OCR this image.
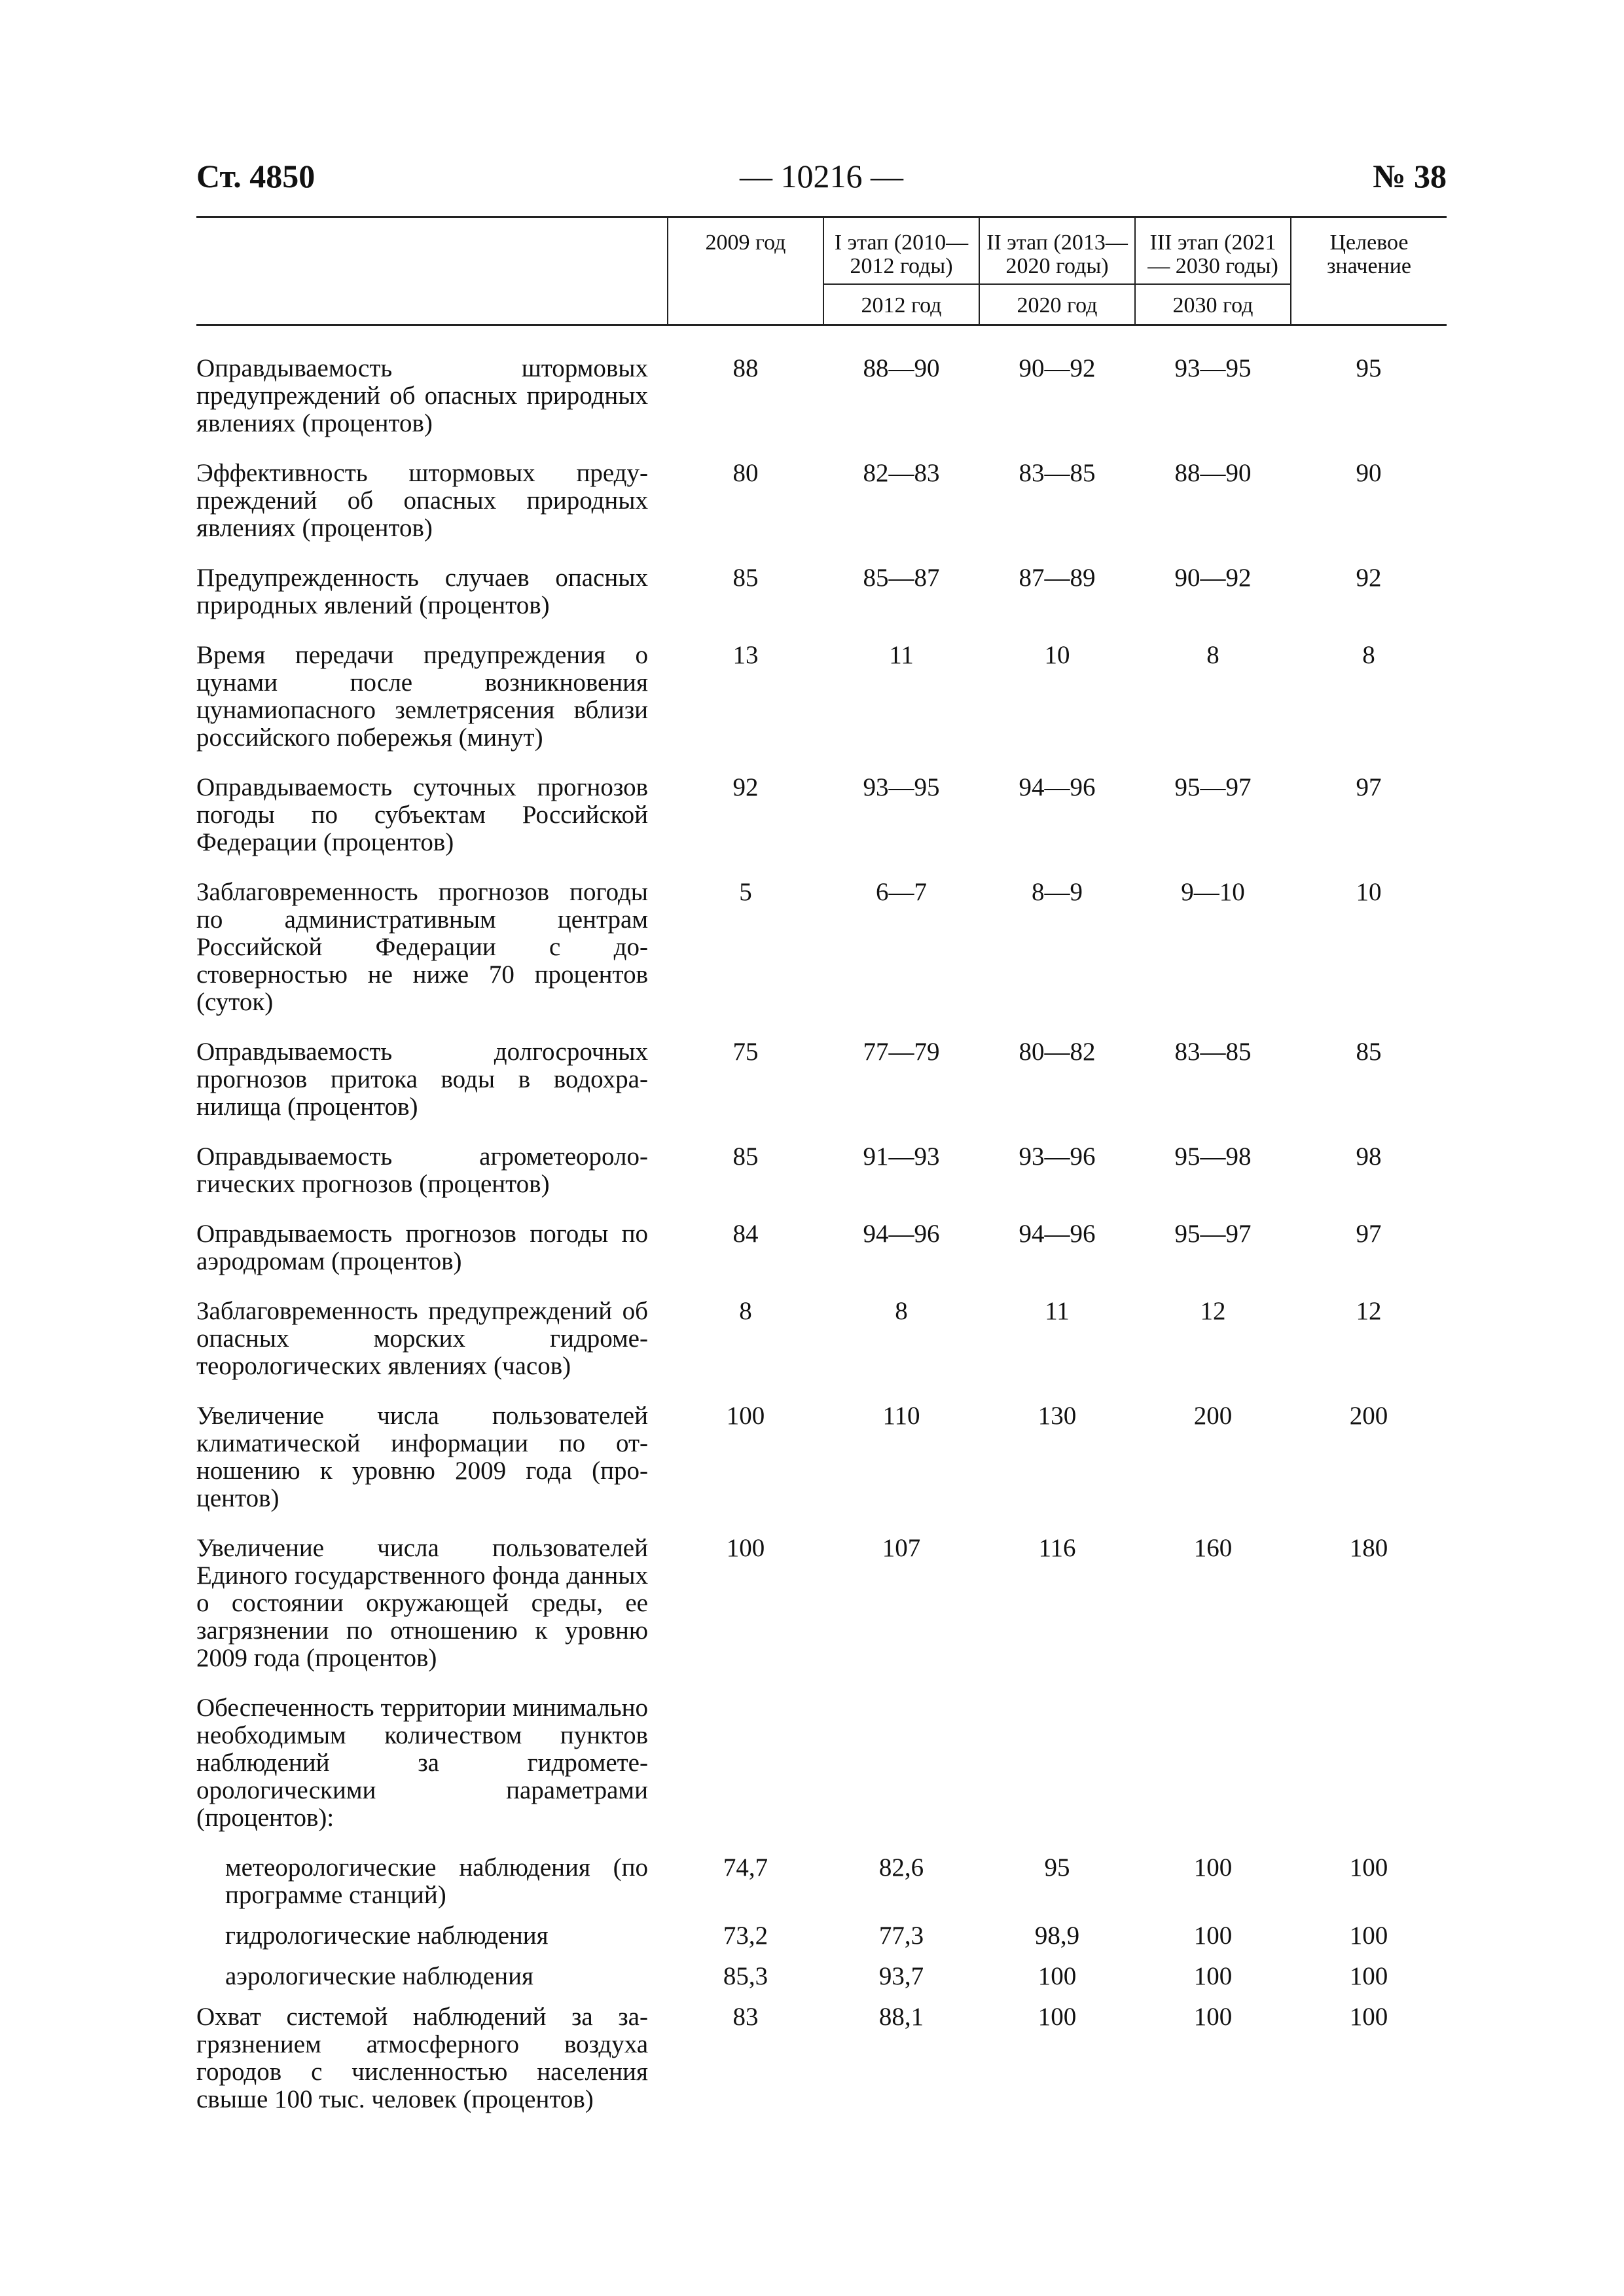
Ст. 4850	— 10216 —	№ 38
	2009 год	I этап (2010— 2012 годы)	II этап (2013— 2020 годы)	III этап (2021— 2030 годы)	Целевое значение
		2012 год	2020 год	2030 год	
Оправдываемость штормовых предупреждений об опасных природных явлениях (процентов)	88	88—90	90—92	93—95	95
Эффективность штормовых предупреждений об опасных природных явлениях (процентов)	80	82—83	83—85	88—90	90
Предупрежденность случаев опасных природных явлений (процентов)	85	85—87	87—89	90—92	92
Время передачи предупреждения о цунами после возникновения цунамиопасного землетрясения вблизи российского побережья (минут)	13	11	10	8	8
Оправдываемость суточных прогнозов погоды по субъектам Российской Федерации (процентов)	92	93—95	94—96	95—97	97
Заблаговременность прогнозов погоды по административным центрам Российской Федерации с достоверностью не ниже 70 процентов (суток)	5	6—7	8—9	9—10	10
Оправдываемость долгосрочных прогнозов притока воды в водохранилища (процентов)	75	77—79	80—82	83—85	85
Оправдываемость агрометеорологических прогнозов (процентов)	85	91—93	93—96	95—98	98
Оправдываемость прогнозов погоды по аэродромам (процентов)	84	94—96	94—96	95—97	97
Заблаговременность предупреждений об опасных морских гидрометеорологических явлениях (часов)	8	8	11	12	12
Увеличение числа пользователей климатической информации по отношению к уровню 2009 года (процентов)	100	110	130	200	200
Увеличение числа пользователей Единого государственного фонда данных о состоянии окружающей среды, ее загрязнении по отношению к уровню 2009 года (процентов)	100	107	116	160	180
Обеспеченность территории минимально необходимым количеством пунктов наблюдений за гидрометеорологическими параметрами (процентов):					
метеорологические наблюдения (по программе станций)	74,7	82,6	95	100	100
гидрологические наблюдения	73,2	77,3	98,9	100	100
аэрологические наблюдения	85,3	93,7	100	100	100
Охват системой наблюдений за загрязнением атмосферного воздуха городов с численностью населения свыше 100 тыс. человек (процентов)	83	88,1	100	100	100
